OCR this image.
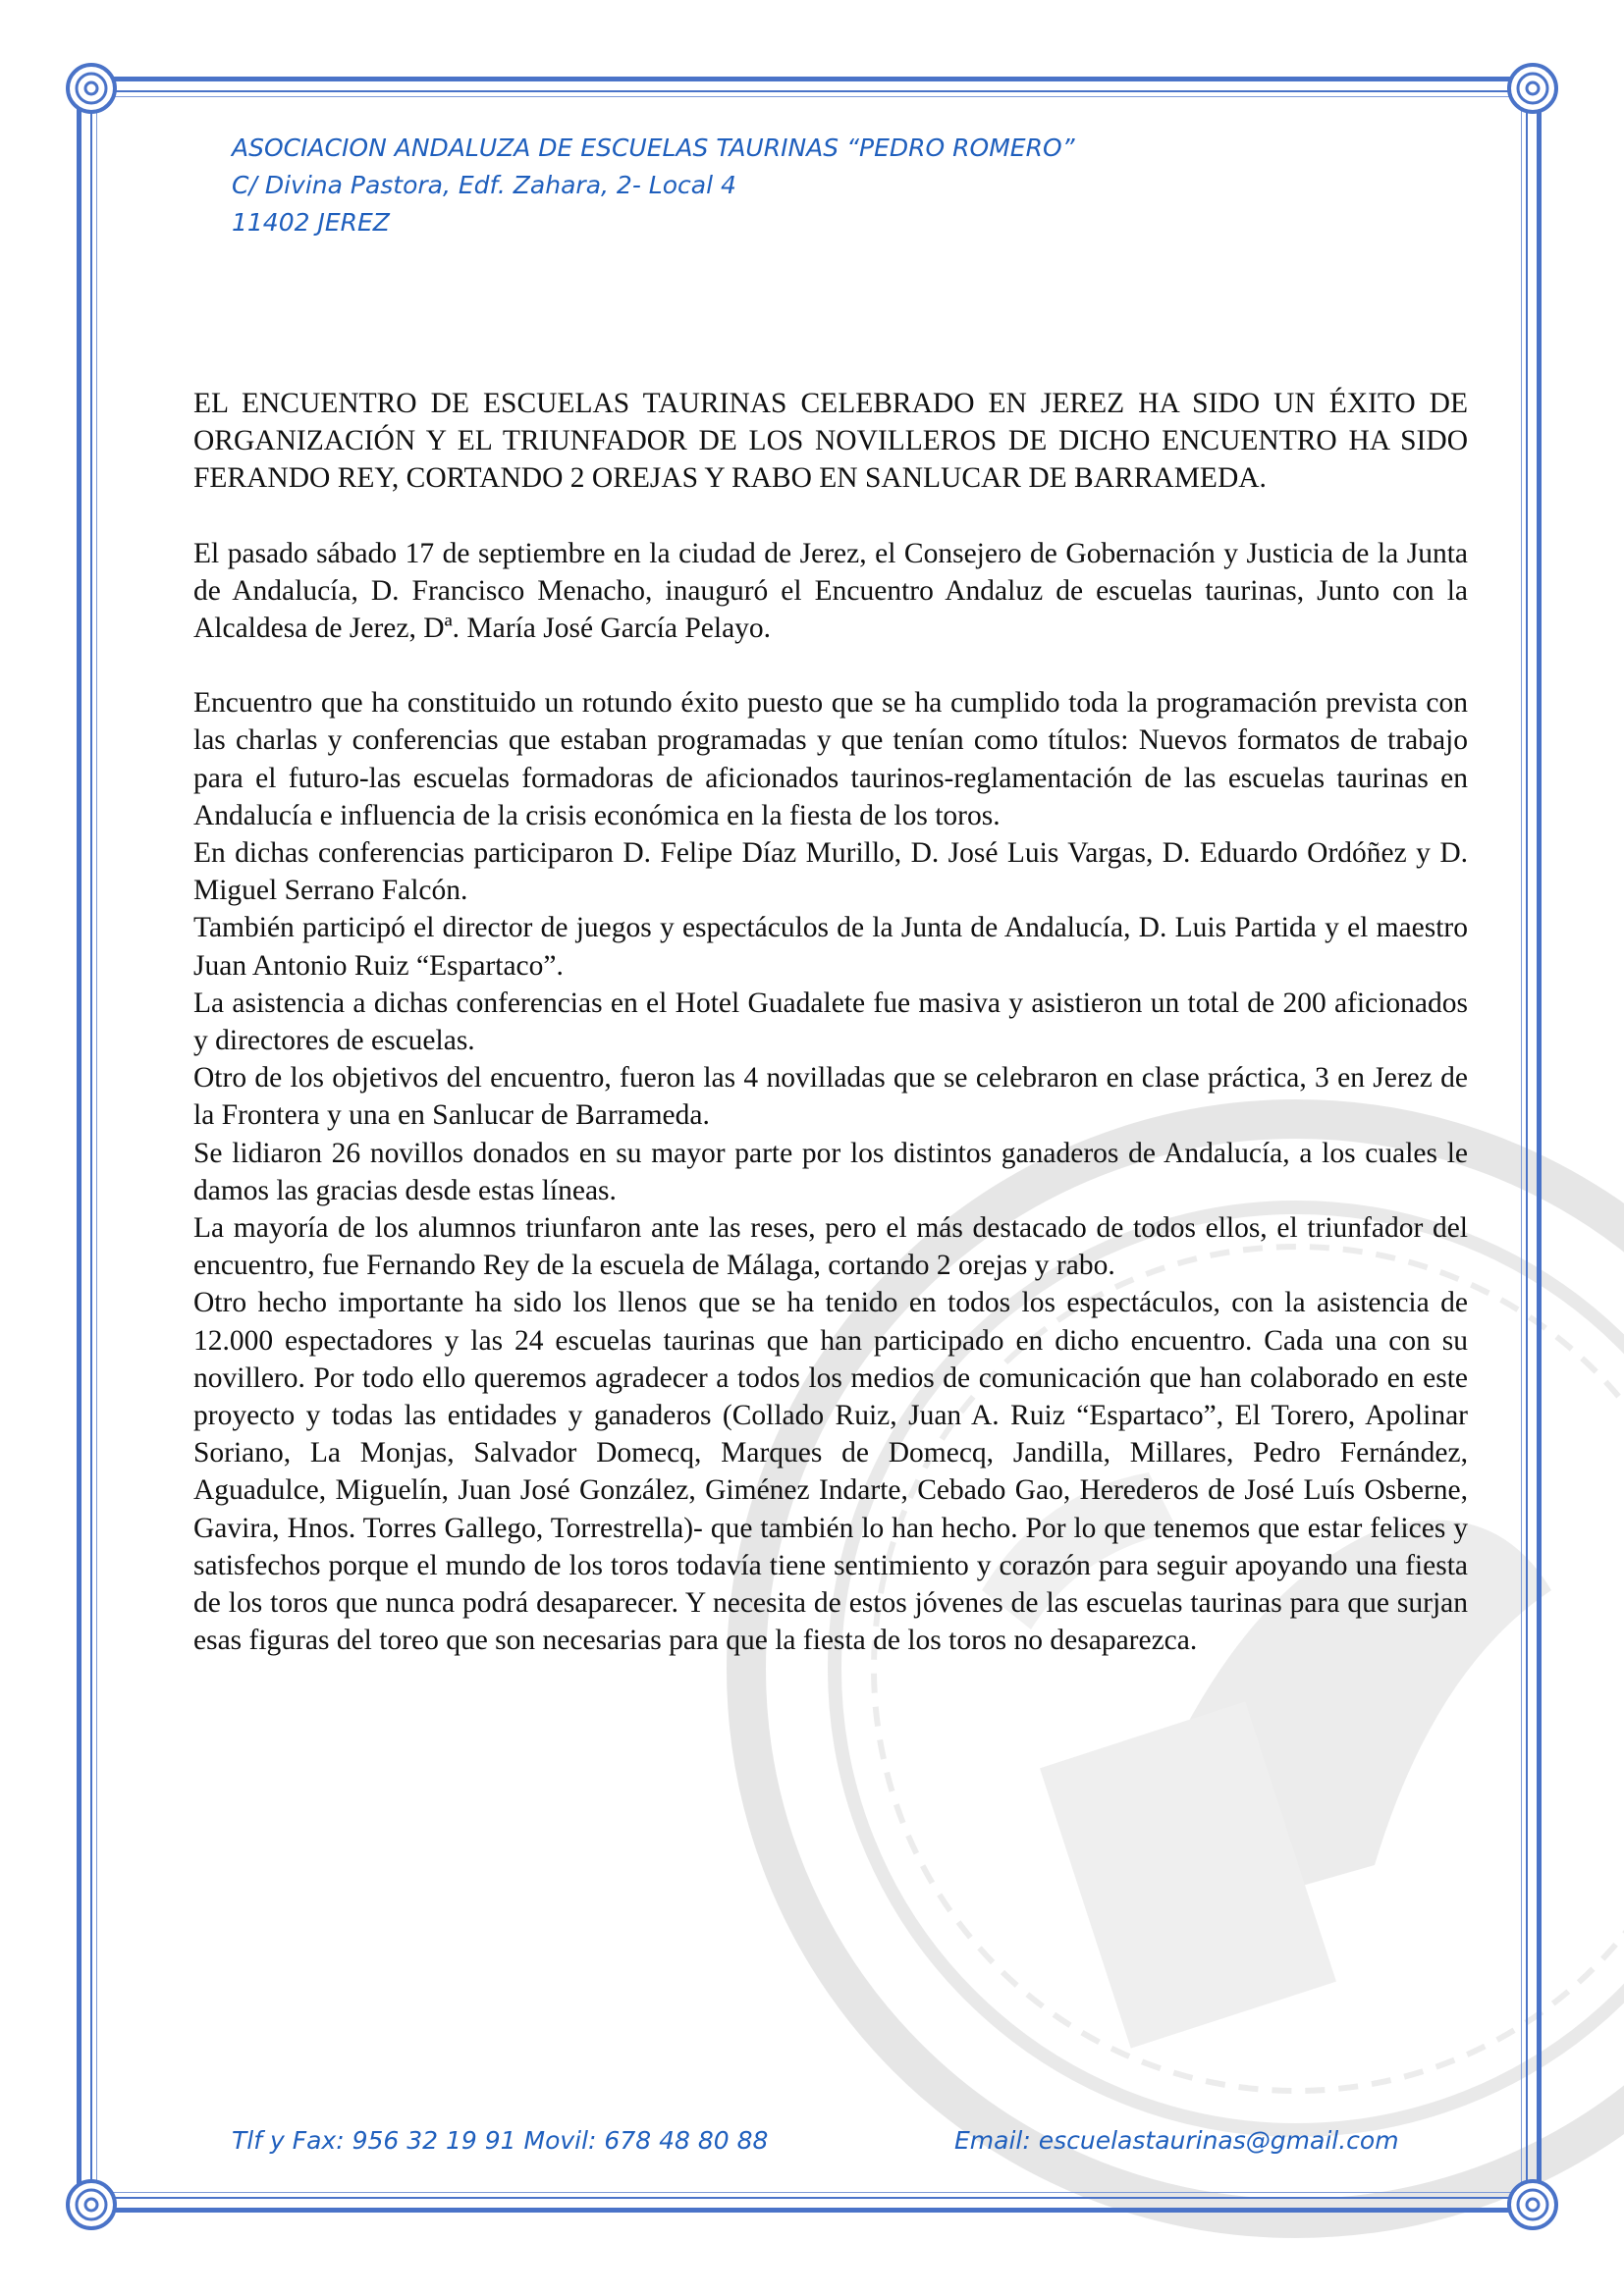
ASOCIACION ANDALUZA DE ESCUELAS TAURINAS “PEDRO ROMERO”
C/ Divina Pastora, Edf. Zahara, 2- Local 4
11402 JEREZ

EL ENCUENTRO DE ESCUELAS TAURINAS CELEBRADO EN JEREZ HA SIDO UN ÉXITO DE ORGANIZACIÓN Y EL TRIUNFADOR DE LOS NOVILLEROS DE DICHO ENCUENTRO HA SIDO FERANDO REY, CORTANDO 2 OREJAS Y RABO EN SANLUCAR DE BARRAMEDA.

El pasado sábado 17 de septiembre en la ciudad de Jerez, el Consejero de Gobernación y Justicia de la Junta de Andalucía, D. Francisco Menacho, inauguró el Encuentro Andaluz de escuelas taurinas, Junto con la Alcaldesa de Jerez, Dª. María José García Pelayo.

Encuentro que ha constituido un rotundo éxito puesto que se ha cumplido toda la programación prevista con las charlas y conferencias que estaban programadas y que tenían como títulos: Nuevos formatos de trabajo para el futuro-las escuelas formadoras de aficionados taurinos-reglamentación de las escuelas taurinas en Andalucía e influencia de la crisis económica en la fiesta de los toros.

En dichas conferencias participaron D. Felipe Díaz Murillo, D. José Luis Vargas, D. Eduardo Ordóñez y D. Miguel Serrano Falcón.

También participó el director de juegos y espectáculos de la Junta de Andalucía, D. Luis Partida y el maestro Juan Antonio Ruiz “Espartaco”.

La asistencia a dichas conferencias en el Hotel Guadalete fue masiva y asistieron un total de 200 aficionados y directores de escuelas.

Otro de los objetivos del encuentro, fueron las 4 novilladas que se celebraron en clase práctica, 3 en Jerez de la Frontera y una en Sanlucar de Barrameda.

Se lidiaron 26 novillos donados en su mayor parte por los distintos ganaderos de Andalucía, a los cuales le damos las gracias desde estas líneas.

La mayoría de los alumnos triunfaron ante las reses, pero el más destacado de todos ellos, el triunfador del encuentro, fue Fernando Rey de la escuela de Málaga, cortando 2 orejas y rabo.

Otro hecho importante ha sido los llenos que se ha tenido en todos los espectáculos, con la asistencia de 12.000 espectadores y las 24 escuelas taurinas que han participado en dicho encuentro. Cada una con su novillero. Por todo ello queremos agradecer a todos los medios de comunicación que han colaborado en este proyecto y todas las entidades y ganaderos (Collado Ruiz, Juan A. Ruiz “Espartaco”, El Torero, Apolinar Soriano, La Monjas, Salvador Domecq, Marques de Domecq, Jandilla, Millares, Pedro Fernández, Aguadulce, Miguelín, Juan José González, Giménez Indarte, Cebado Gao, Herederos de José Luís Osberne, Gavira, Hnos. Torres Gallego, Torrestrella)- que también lo han hecho. Por lo que tenemos que estar felices y satisfechos porque el mundo de los toros todavía tiene sentimiento y corazón para seguir apoyando una fiesta de los toros que nunca podrá desaparecer. Y necesita de estos jóvenes de las escuelas taurinas para que surjan esas figuras del toreo que son necesarias para que la fiesta de los toros no desaparezca.

Tlf y Fax: 956 32 19 91 Movil: 678 48 80 88	Email: escuelastaurinas@gmail.com
